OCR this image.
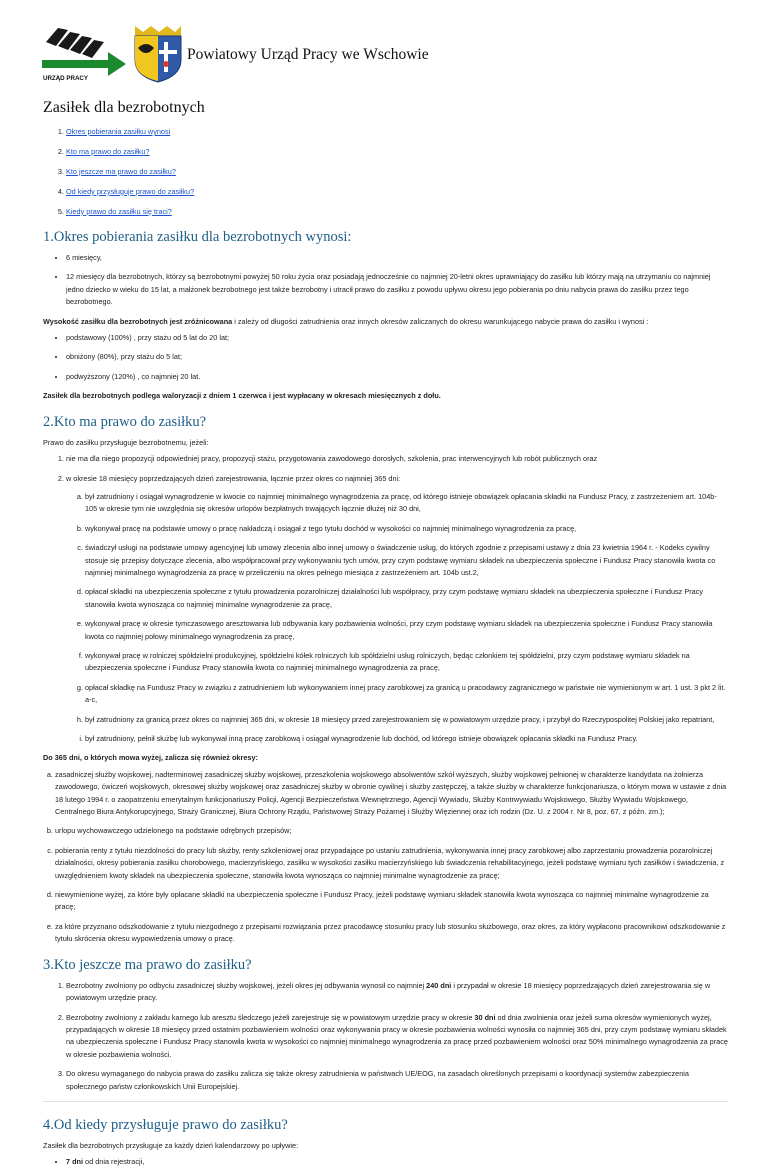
URZĄD PRACY
Powiatowy Urząd Pracy we Wschowie
Zasiłek dla bezrobotnych
1. Okres pobierania zasiłku wynosi
2. Kto ma prawo do zasiłku?
3. Kto jeszcze ma prawo do zasiłku?
4. Od kiedy przysługuje prawo do zasiłku?
5. Kiedy prawo do zasiłku się traci?
1.Okres pobierania zasiłku dla bezrobotnych wynosi:
• 6 miesięcy,
• 12 miesięcy dla bezrobotnych, którzy są bezrobotnymi powyżej 50 roku życia oraz posiadają jednocześnie co najmniej 20-letni okres uprawniający do zasiłku lub którzy mają na utrzymaniu co najmniej jedno dziecko w wieku do 15 lat, a małżonek bezrobotnego jest także bezrobotny i utracił prawo do zasiłku z powodu upływu okresu jego pobierania po dniu nabycia prawa do zasiłku przez tego bezrobotnego.

Wysokość zasiłku dla bezrobotnych jest zróżnicowana i zależy od długości zatrudnienia oraz innych okresów zaliczanych do okresu warunkującego nabycie prawa do zasiłku i wynosi :

• podstawowy (100%) , przy stażu od 5 lat do 20 lat;
• obniżony (80%), przy stażu do 5 lat;
• podwyższony (120%) , co najmniej 20 lat.

Zasiłek dla bezrobotnych podlega waloryzacji z dniem 1 czerwca i jest wypłacany w okresach miesięcznych z dołu.

2.Kto ma prawo do zasiłku?

Prawo do zasiłku przysługuje bezrobotnemu, jeżeli:

1. nie ma dla niego propozycji odpowiedniej pracy, propozycji stażu, przygotowania zawodowego dorosłych, szkolenia, prac interwencyjnych lub robót publicznych oraz
2. w okresie 18 miesięcy poprzedzających dzień zarejestrowania, łącznie przez okres co najmniej 365 dni:
a. był zatrudniony i osiągał wynagrodzenie w kwocie co najmniej minimalnego wynagrodzenia za pracę, od którego istnieje obowiązek opłacania składki na Fundusz Pracy, z zastrzeżeniem art. 104b-105 w okresie tym nie uwzględnia się okresów urlopów bezpłatnych trwających łącznie dłużej niż 30 dni,
b. wykonywał pracę na podstawie umowy o pracę nakładczą i osiągał z tego tytułu dochód w wysokości co najmniej minimalnego wynagrodzenia za pracę,
c. świadczył usługi na podstawie umowy agencyjnej lub umowy zlecenia albo innej umowy o świadczenie usług, do których zgodnie z przepisami ustawy z dnia 23 kwietnia 1964 r. - Kodeks cywilny stosuje się przepisy dotyczące zlecenia, albo współpracował przy wykonywaniu tych umów, przy czym podstawę wymiaru składek na ubezpieczenia społeczne i Fundusz Pracy stanowiła kwota co najmniej minimalnego wynagrodzenia za pracę w przeliczeniu na okres pełnego miesiąca z zastrzeżeniem art. 104b ust.2,
d. opłacał składki na ubezpieczenia społeczne z tytułu prowadzenia pozarolniczej działalności lub współpracy, przy czym podstawę wymiaru składek na ubezpieczenia społeczne i Fundusz Pracy stanowiła kwota wynosząca co najmniej minimalne wynagrodzenie za pracę,
e. wykonywał pracę w okresie tymczasowego aresztowania lub odbywania kary pozbawienia wolności, przy czym podstawę wymiaru składek na ubezpieczenia społeczne i Fundusz Pracy stanowiła kwota co najmniej połowy minimalnego wynagrodzenia za pracę,
f. wykonywał pracę w rolniczej spółdzielni produkcyjnej, spółdzielni kółek rolniczych lub spółdzielni usług rolniczych, będąc członkiem tej spółdzielni, przy czym podstawę wymiaru składek na ubezpieczenia społeczne i Fundusz Pracy stanowiła kwota co najmniej minimalnego wynagrodzenia za pracę,
g. opłacał składkę na Fundusz Pracy w związku z zatrudnieniem lub wykonywaniem innej pracy zarobkowej za granicą u pracodawcy zagranicznego w państwie nie wymienionym w art. 1 ust. 3 pkt 2 lit. a-c,
h. był zatrudniony za granicą przez okres co najmniej 365 dni, w okresie 18 miesięcy przed zarejestrowaniem się w powiatowym urzędzie pracy, i przybył do Rzeczypospolitej Polskiej jako repatriant,
i. był zatrudniony, pełnił służbę lub wykonywał inną pracę zarobkową i osiągał wynagrodzenie lub dochód, od którego istnieje obowiązek opłacania składki na Fundusz Pracy.

Do 365 dni, o których mowa wyżej, zalicza się również okresy:

a. zasadniczej służby wojskowej, nadterminowej zasadniczej służby wojskowej, przeszkolenia wojskowego absolwentów szkół wyższych, służby wojskowej pełnionej w charakterze kandydata na żołnierza zawodowego, ćwiczeń wojskowych, okresowej służby wojskowej oraz zasadniczej służby w obronie cywilnej i służby zastępczej, a także służby w charakterze funkcjonariusza, o którym mowa w ustawie z dnia 18 lutego 1994 r. o zaopatrzeniu emerytalnym funkcjonariuszy Policji, Agencji Bezpieczeństwa Wewnętrznego, Agencji Wywiadu, Służby Kontrwywiadu Wojskowego, Służby Wywiadu Wojskowego, Centralnego Biura Antykorupcyjnego, Straży Granicznej, Biura Ochrony Rządu, Państwowej Straży Pożarnej i Służby Więziennej oraz ich rodzin (Dz. U. z 2004 r. Nr 8, poz. 67, z późn. zm.);
b. urlopu wychowawczego udzielonego na podstawie odrębnych przepisów;
c. pobierania renty z tytułu niezdolności do pracy lub służby, renty szkoleniowej oraz przypadające po ustaniu zatrudnienia, wykonywania innej pracy zarobkowej albo zaprzestaniu prowadzenia pozarolniczej działalności, okresy pobierania zasiłku chorobowego, macierzyńskiego, zasiłku w wysokości zasiłku macierzyńskiego lub świadczenia rehabilitacyjnego, jeżeli podstawę wymiaru tych zasiłków i świadczenia, z uwzględnieniem kwoty składek na ubezpieczenia społeczne, stanowiła kwota wynosząca co najmniej minimalne wynagrodzenie za pracę;
d. niewymienione wyżej, za które były opłacane składki na ubezpieczenia społeczne i Fundusz Pracy, jeżeli podstawę wymiaru składek stanowiła kwota wynosząca co najmniej minimalne wynagrodzenie za pracę;
e. za które przyznano odszkodowanie z tytułu niezgodnego z przepisami rozwiązania przez pracodawcę stosunku pracy lub stosunku służbowego, oraz okres, za który wypłacono pracownikowi odszkodowanie z tytułu skrócenia okresu wypowiedzenia umowy o pracę.
3.Kto jeszcze ma prawo do zasiłku?
1. Bezrobotny zwolniony po odbyciu zasadniczej służby wojskowej, jeżeli okres jej odbywania wynosił co najmniej 240 dni i przypadał w okresie 18 miesięcy poprzedzających dzień zarejestrowania się w powiatowym urzędzie pracy.
2. Bezrobotny zwolniony z zakładu karnego lub aresztu śledczego jeżeli zarejestruje się w powiatowym urzędzie pracy w okresie 30 dni od dnia zwolnienia oraz jeżeli suma okresów wymienionych wyżej, przypadających w okresie 18 miesięcy przed ostatnim pozbawieniem wolności oraz wykonywania pracy w okresie pozbawienia wolności wynosiła co najmniej 365 dni, przy czym podstawę wymiaru składek na ubezpieczenia społeczne i Fundusz Pracy stanowiła kwota w wysokości co najmniej minimalnego wynagrodzenia za pracę przed pozbawieniem wolności oraz 50% minimalnego wynagrodzenia za pracę w okresie pozbawienia wolności.
3. Do okresu wymaganego do nabycia prawa do zasiłku zalicza się także okresy zatrudnienia w państwach UE/EOG, na zasadach określonych przepisami o koordynacji systemów zabezpieczenia społecznego państw członkowskich Unii Europejskiej.
4.Od kiedy przysługuje prawo do zasiłku?

Zasiłek dla bezrobotnych przysługuje za każdy dzień kalendarzowy po upływie:

• 7 dni od dnia rejestracji,
